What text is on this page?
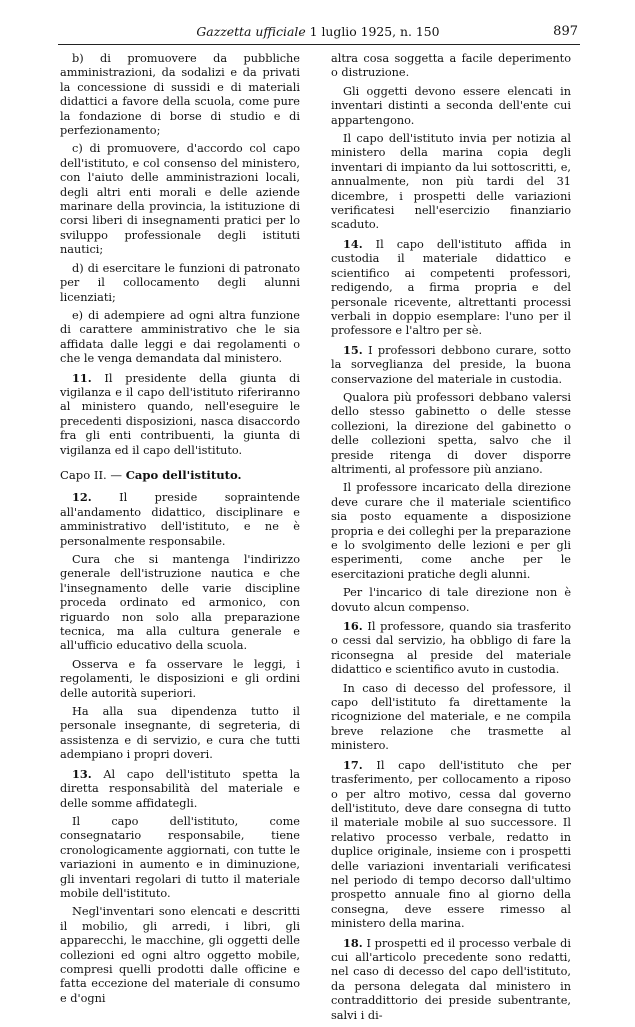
Gazzetta ufficiale 1 luglio 1925, n. 150	897

b) di promuovere da pubbliche amministrazioni, da sodalizi e da privati la concessione di sussidi e di materiali didattici a favore della scuola, come pure la fondazione di borse di studio e di perfezionamento;

c) di promuovere, d'accordo col capo dell'istituto, e col consenso del ministero, con l'aiuto delle amministrazioni locali, degli altri enti morali e delle aziende marinare della provincia, la istituzione di corsi liberi di insegnamenti pratici per lo sviluppo professionale degli istituti nautici;

d) di esercitare le funzioni di patronato per il collocamento degli alunni licenziati;

e) di adempiere ad ogni altra funzione di carattere amministrativo che le sia affidata dalle leggi e dai regolamenti o che le venga demandata dal ministero.

11. Il presidente della giunta di vigilanza e il capo dell'istituto riferiranno al ministero quando, nell'eseguire le precedenti disposizioni, nasca disaccordo fra gli enti contribuenti, la giunta di vigilanza ed il capo dell'istituto.

Capo II. — Capo dell'istituto.

12. Il preside sopraintende all'andamento didattico, disciplinare e amministrativo dell'istituto, e ne è personalmente responsabile.

Cura che si mantenga l'indirizzo generale dell'istruzione nautica e che l'insegnamento delle varie discipline proceda ordinato ed armonico, con riguardo non solo alla preparazione tecnica, ma alla cultura generale e all'ufficio educativo della scuola.

Osserva e fa osservare le leggi, i regolamenti, le disposizioni e gli ordini delle autorità superiori.

Ha alla sua dipendenza tutto il personale insegnante, di segreteria, di assistenza e di servizio, e cura che tutti adempiano i propri doveri.

13. Al capo dell'istituto spetta la diretta responsabilità del materiale e delle somme affidategli.

Il capo dell'istituto, come consegnatario responsabile, tiene cronologicamente aggiornati, con tutte le variazioni in aumento e in diminuzione, gli inventari regolari di tutto il materiale mobile dell'istituto.

Negl'inventari sono elencati e descritti il mobilio, gli arredi, i libri, gli apparecchi, le macchine, gli oggetti delle collezioni ed ogni altro oggetto mobile, compresi quelli prodotti dalle officine e fatta eccezione del materiale di consumo e d'ogni

altra cosa soggetta a facile deperimento o distruzione.

Gli oggetti devono essere elencati in inventari distinti a seconda dell'ente cui appartengono.

Il capo dell'istituto invia per notizia al ministero della marina copia degli inventari di impianto da lui sottoscritti, e, annualmente, non più tardi del 31 dicembre, i prospetti delle variazioni verificatesi nell'esercizio finanziario scaduto.

14. Il capo dell'istituto affida in custodia il materiale didattico e scientifico ai competenti professori, redigendo, a firma propria e del personale ricevente, altrettanti processi verbali in doppio esemplare: l'uno per il professore e l'altro per sè.

15. I professori debbono curare, sotto la sorveglianza del preside, la buona conservazione del materiale in custodia.

Qualora più professori debbano valersi dello stesso gabinetto o delle stesse collezioni, la direzione del gabinetto o delle collezioni spetta, salvo che il preside ritenga di dover disporre altrimenti, al professore più anziano.

Il professore incaricato della direzione deve curare che il materiale scientifico sia posto equamente a disposizione propria e dei colleghi per la preparazione e lo svolgimento delle lezioni e per gli esperimenti, come anche per le esercitazioni pratiche degli alunni.

Per l'incarico di tale direzione non è dovuto alcun compenso.

16. Il professore, quando sia trasferito o cessi dal servizio, ha obbligo di fare la riconsegna al preside del materiale didattico e scientifico avuto in custodia.

In caso di decesso del professore, il capo dell'istituto fa direttamente la ricognizione del materiale, e ne compila breve relazione che trasmette al ministero.

17. Il capo dell'istituto che per trasferimento, per collocamento a riposo o per altro motivo, cessa dal governo dell'istituto, deve dare consegna di tutto il materiale mobile al suo successore. Il relativo processo verbale, redatto in duplice originale, insieme con i prospetti delle variazioni inventariali verificatesi nel periodo di tempo decorso dall'ultimo prospetto annuale fino al giorno della consegna, deve essere rimesso al ministero della marina.

18. I prospetti ed il processo verbale di cui all'articolo precedente sono redatti, nel caso di decesso del capo dell'istituto, da persona delegata dal ministero in contraddittorio dei preside subentrante, salvi i di-
